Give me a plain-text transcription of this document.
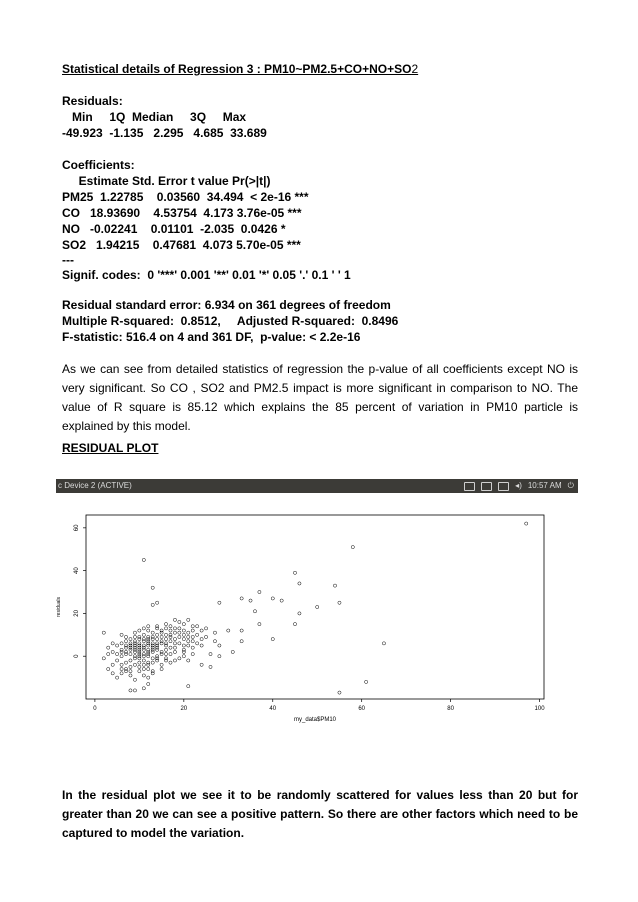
Statistical details of Regression 3 : PM10~PM2.5+CO+NO+SO2
Residuals:
Min     1Q  Median     3Q     Max
-49.923  -1.135   2.295   4.685  33.689
Coefficients:
Estimate Std. Error t value Pr(>|t|)
PM25  1.22785    0.03560  34.494  < 2e-16 ***
CO   18.93690    4.53754  4.173 3.76e-05 ***
NO   -0.02241    0.01101  -2.035  0.0426 *
SO2   1.94215    0.47681  4.073 5.70e-05 ***
---
Signif. codes:  0 '***' 0.001 '**' 0.01 '*' 0.05 '.' 0.1 ' ' 1
Residual standard error: 6.934 on 361 degrees of freedom
Multiple R-squared:  0.8512,     Adjusted R-squared:  0.8496
F-statistic: 516.4 on 4 and 361 DF,  p-value: < 2.2e-16
As we can see from detailed statistics of regression the p-value of all coefficients except NO is very significant. So CO , SO2 and PM2.5 impact is more significant in comparison to NO. The value of R square is 85.12 which explains the 85 percent of variation in PM10 particle is explained by this model.
RESIDUAL PLOT
c Device 2 (ACTIVE)	◂) 10:57 AM ⏻
0	20	40	60	80	100
0
20
40
60
my_data$PM10
residuals
In the residual plot we see it to be randomly scattered for values less than 20 but for greater than 20 we can see a positive pattern. So there are other factors which need to be captured to model the variation.
